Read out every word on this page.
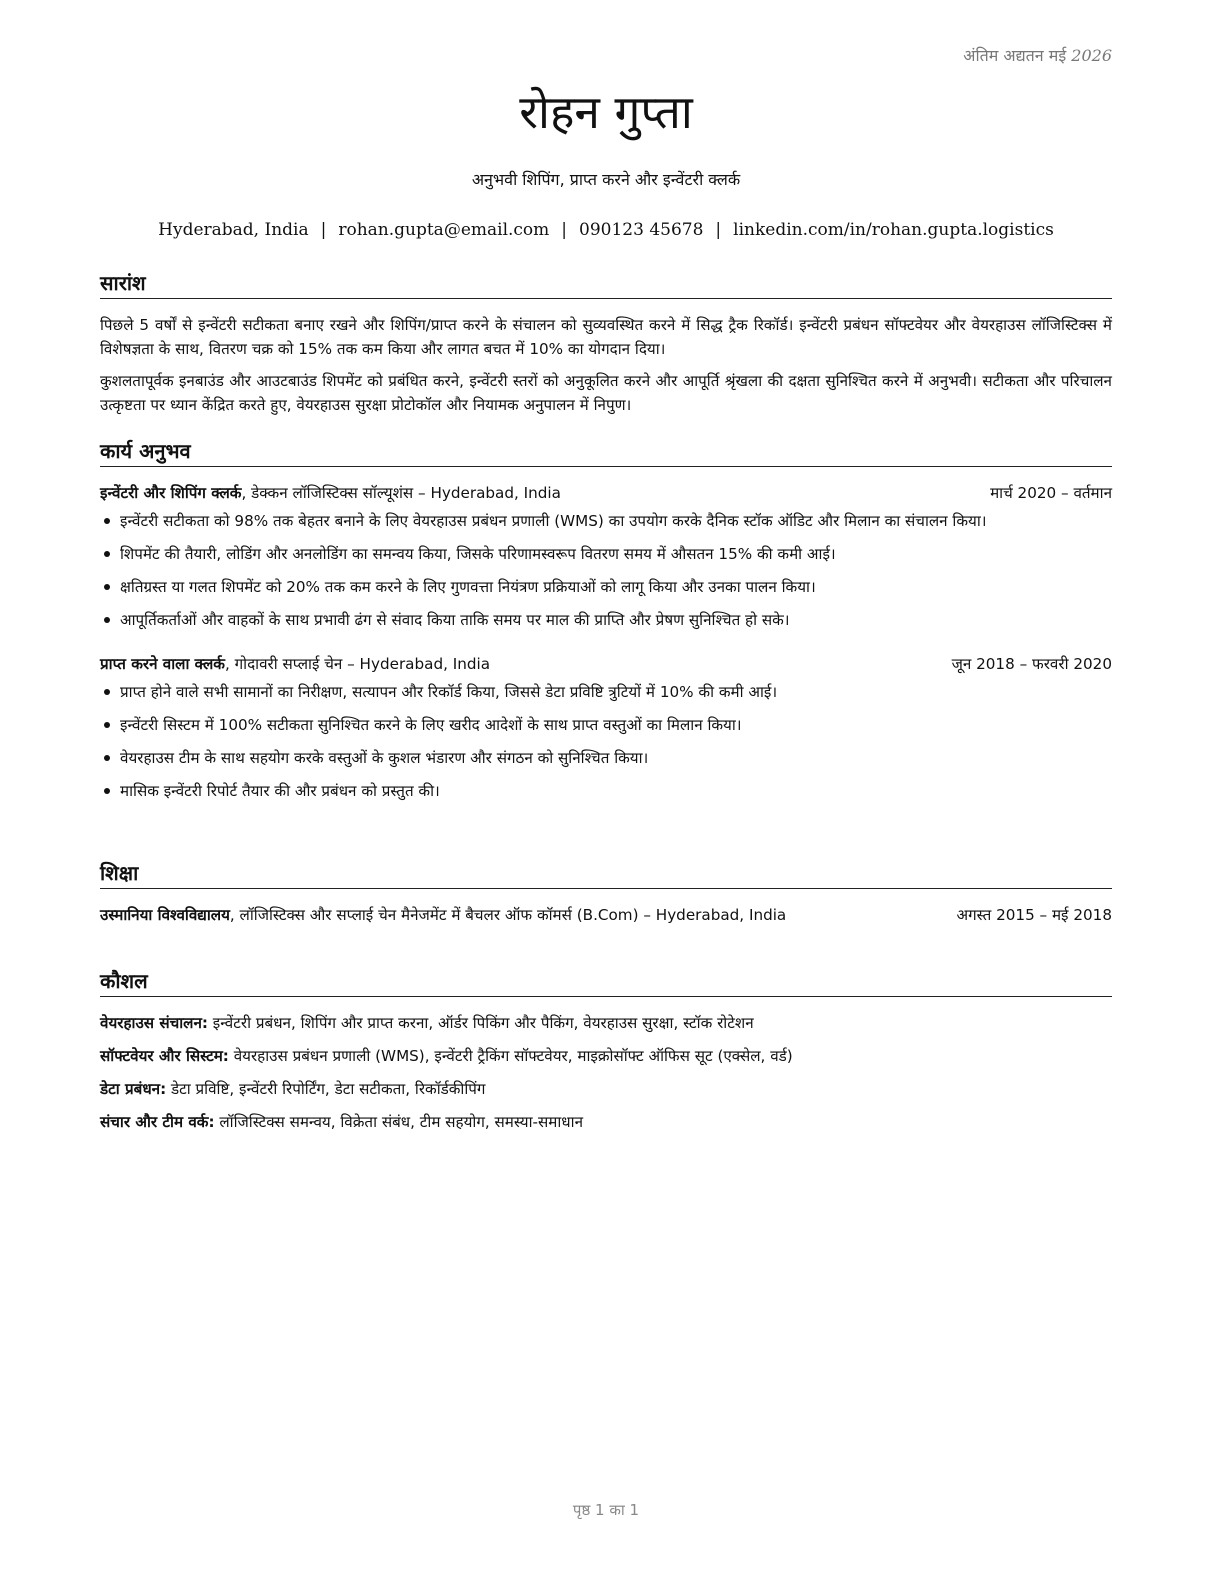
अंतिम अद्यतन मई 2026
रोहन गुप्ता
अनुभवी शिपिंग, प्राप्त करने और इन्वेंटरी क्लर्क
Hyderabad, India | rohan.gupta@email.com | 090123 45678 | linkedin.com/in/rohan.gupta.logistics
सारांश

पिछले 5 वर्षों से इन्वेंटरी सटीकता बनाए रखने और शिपिंग/प्राप्त करने के संचालन को सुव्यवस्थित करने में सिद्ध ट्रैक रिकॉर्ड। इन्वेंटरी प्रबंधन सॉफ्टवेयर और वेयरहाउस लॉजिस्टिक्स में विशेषज्ञता के साथ, वितरण चक्र को 15% तक कम किया और लागत बचत में 10% का योगदान दिया।

कुशलतापूर्वक इनबाउंड और आउटबाउंड शिपमेंट को प्रबंधित करने, इन्वेंटरी स्तरों को अनुकूलित करने और आपूर्ति श्रृंखला की दक्षता सुनिश्चित करने में अनुभवी। सटीकता और परिचालन उत्कृष्टता पर ध्यान केंद्रित करते हुए, वेयरहाउस सुरक्षा प्रोटोकॉल और नियामक अनुपालन में निपुण।

कार्य अनुभव
इन्वेंटरी और शिपिंग क्लर्क, डेक्कन लॉजिस्टिक्स सॉल्यूशंस – Hyderabad, India	मार्च 2020 – वर्तमान
इन्वेंटरी सटीकता को 98% तक बेहतर बनाने के लिए वेयरहाउस प्रबंधन प्रणाली (WMS) का उपयोग करके दैनिक स्टॉक ऑडिट और मिलान का संचालन किया।
शिपमेंट की तैयारी, लोडिंग और अनलोडिंग का समन्वय किया, जिसके परिणामस्वरूप वितरण समय में औसतन 15% की कमी आई।
क्षतिग्रस्त या गलत शिपमेंट को 20% तक कम करने के लिए गुणवत्ता नियंत्रण प्रक्रियाओं को लागू किया और उनका पालन किया।
आपूर्तिकर्ताओं और वाहकों के साथ प्रभावी ढंग से संवाद किया ताकि समय पर माल की प्राप्ति और प्रेषण सुनिश्चित हो सके।
प्राप्त करने वाला क्लर्क, गोदावरी सप्लाई चेन – Hyderabad, India	जून 2018 – फरवरी 2020
प्राप्त होने वाले सभी सामानों का निरीक्षण, सत्यापन और रिकॉर्ड किया, जिससे डेटा प्रविष्टि त्रुटियों में 10% की कमी आई।
इन्वेंटरी सिस्टम में 100% सटीकता सुनिश्चित करने के लिए खरीद आदेशों के साथ प्राप्त वस्तुओं का मिलान किया।
वेयरहाउस टीम के साथ सहयोग करके वस्तुओं के कुशल भंडारण और संगठन को सुनिश्चित किया।
मासिक इन्वेंटरी रिपोर्ट तैयार की और प्रबंधन को प्रस्तुत की।
शिक्षा
उस्मानिया विश्वविद्यालय, लॉजिस्टिक्स और सप्लाई चेन मैनेजमेंट में बैचलर ऑफ कॉमर्स (B.Com) – Hyderabad, India	अगस्त 2015 – मई 2018
कौशल
वेयरहाउस संचालन: इन्वेंटरी प्रबंधन, शिपिंग और प्राप्त करना, ऑर्डर पिकिंग और पैकिंग, वेयरहाउस सुरक्षा, स्टॉक रोटेशन
सॉफ्टवेयर और सिस्टम: वेयरहाउस प्रबंधन प्रणाली (WMS), इन्वेंटरी ट्रैकिंग सॉफ्टवेयर, माइक्रोसॉफ्ट ऑफिस सूट (एक्सेल, वर्ड)
डेटा प्रबंधन: डेटा प्रविष्टि, इन्वेंटरी रिपोर्टिंग, डेटा सटीकता, रिकॉर्डकीपिंग
संचार और टीम वर्क: लॉजिस्टिक्स समन्वय, विक्रेता संबंध, टीम सहयोग, समस्या-समाधान
पृष्ठ 1 का 1
